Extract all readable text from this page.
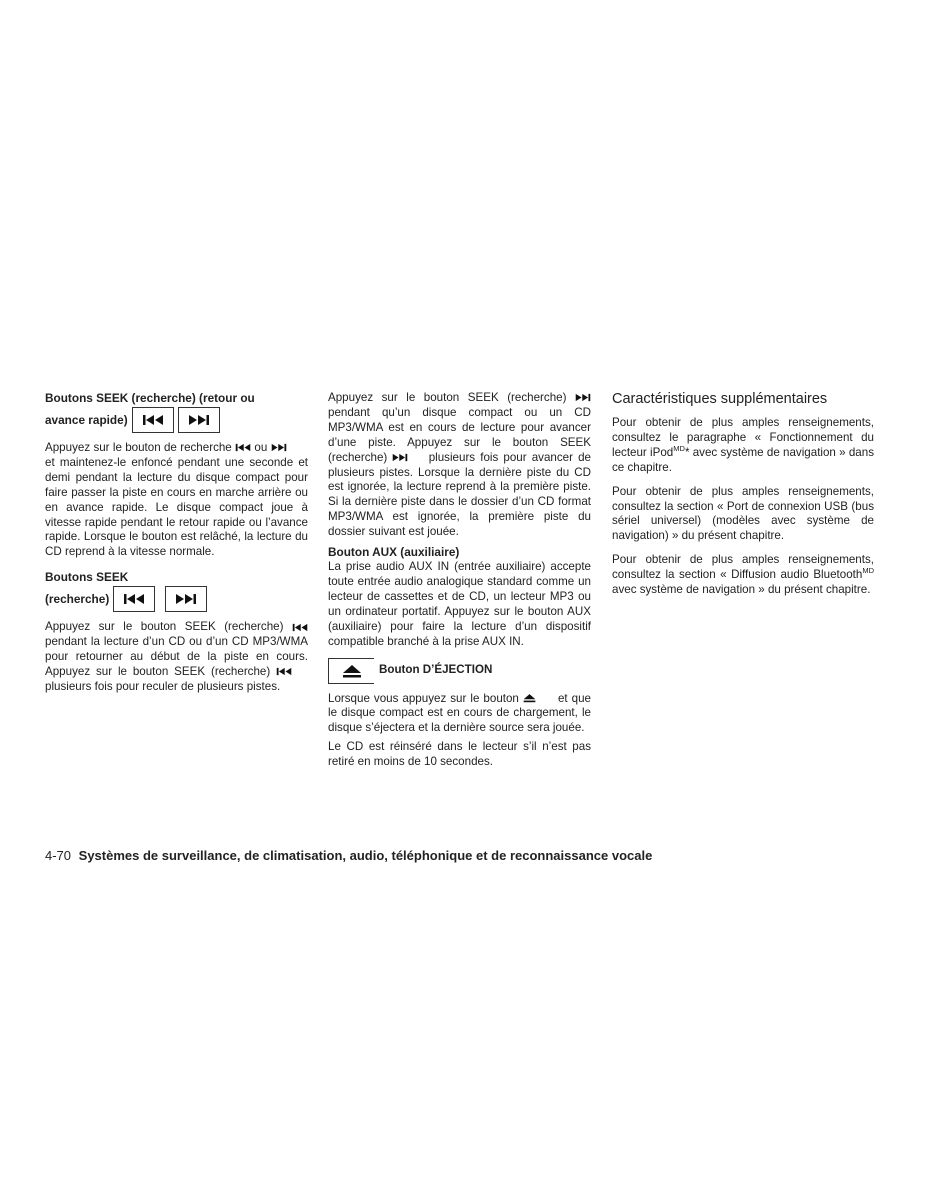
Boutons SEEK (recherche) (retour ou
avance rapide)

Appuyez sur le bouton de recherche ou   et maintenez-le enfoncé pendant une seconde et demi pendant la lecture du disque compact pour faire passer la piste en cours en marche arrière ou en avance rapide. Le disque compact joue à vitesse rapide pendant le retour rapide ou l’avance rapide. Lorsque le bouton est relâché, la lecture du CD reprend à la vitesse normale.

Boutons SEEK
(recherche)

Appuyez sur le bouton SEEK (recherche)  pendant la lecture d’un CD ou d’un CD MP3/WMA pour retourner au début de la piste en cours. Appuyez sur le bouton SEEK (recherche)   plusieurs fois pour reculer de plusieurs pistes.

Appuyez sur le bouton SEEK (recherche)  pendant qu’un disque compact ou un CD MP3/WMA est en cours de lecture pour avancer d’une piste. Appuyez sur le bouton SEEK (recherche)	plusieurs fois pour avancer de plusieurs pistes. Lorsque la dernière piste du CD est ignorée, la lecture reprend à la première piste. Si la dernière piste dans le dossier d’un CD format MP3/WMA est ignorée, la première piste du dossier suivant est jouée.

Bouton AUX (auxiliaire)

La prise audio AUX IN (entrée auxiliaire) accepte toute entrée audio analogique standard comme un lecteur de cassettes et de CD, un lecteur MP3 ou un ordinateur portatif. Appuyez sur le bouton AUX (auxiliaire) pour faire la lecture d’un dispositif compatible branché à la prise AUX IN.

Bouton D’ÉJECTION

Lorsque vous appuyez sur le bouton	et que le disque compact est en cours de chargement, le disque s’éjectera et la dernière source sera jouée.

Le CD est réinséré dans le lecteur s’il n’est pas retiré en moins de 10 secondes.

Caractéristiques supplémentaires

Pour obtenir de plus amples renseignements, consultez le paragraphe « Fonctionnement du lecteur iPod$^{MD}$* avec système de navigation » dans ce chapitre.

Pour obtenir de plus amples renseignements, consultez la section « Port de connexion USB (bus sériel universel) (modèles avec système de navigation) » du présent chapitre.

Pour obtenir de plus amples renseignements, consultez la section « Diffusion audio Bluetooth$^{MD}$ avec système de navigation » du présent chapitre.

4-70 Systèmes de surveillance, de climatisation, audio, téléphonique et de reconnaissance vocale
